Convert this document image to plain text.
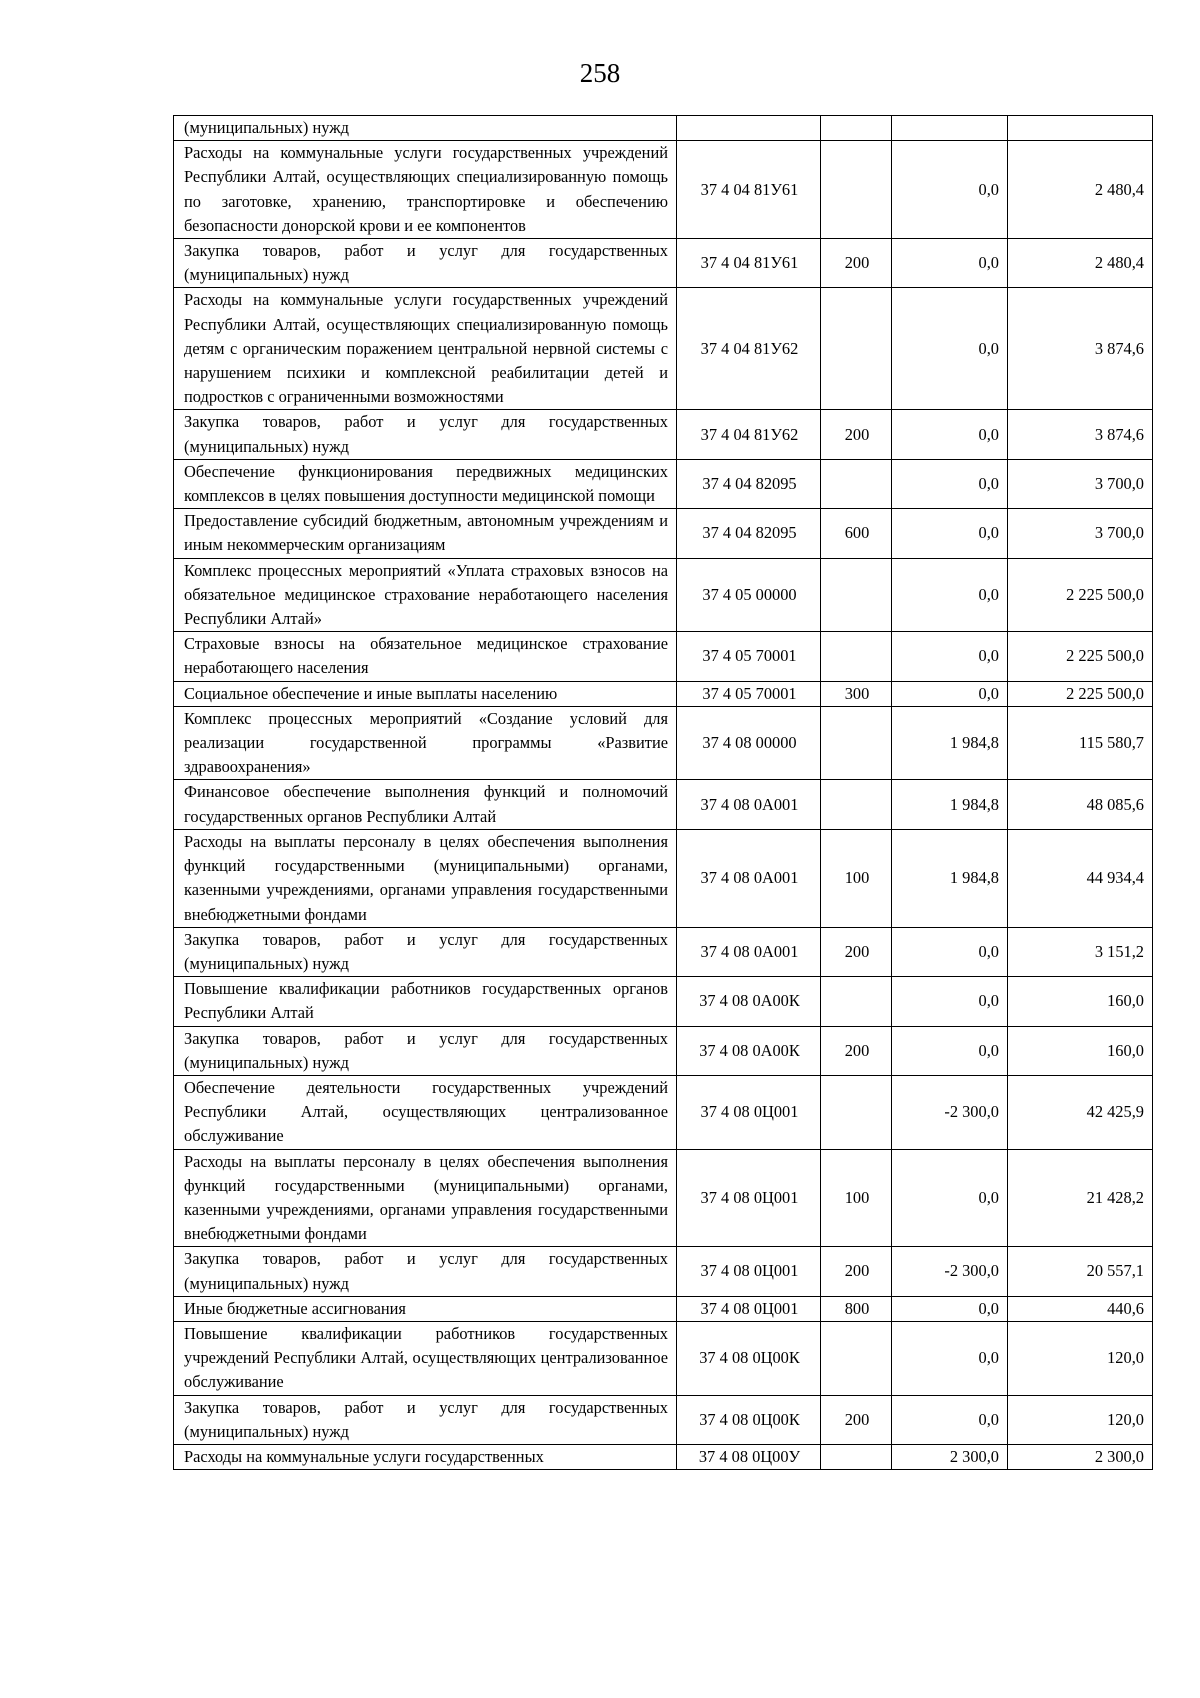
258
(муниципальных) нужд				
Расходы на коммунальные услуги государственных учреждений Республики Алтай, осуществляющих специализированную помощь по заготовке, хранению, транспортировке и обеспечению безопасности донорской крови и ее компонентов	37 4 04 81У61		0,0	2 480,4
Закупка товаров, работ и услуг для государственных (муниципальных) нужд	37 4 04 81У61	200	0,0	2 480,4
Расходы на коммунальные услуги государственных учреждений Республики Алтай, осуществляющих специализированную помощь детям с органическим поражением центральной нервной системы с нарушением психики и комплексной реабилитации детей и подростков с ограниченными возможностями	37 4 04 81У62		0,0	3 874,6
Закупка товаров, работ и услуг для государственных (муниципальных) нужд	37 4 04 81У62	200	0,0	3 874,6
Обеспечение функционирования передвижных медицинских комплексов в целях повышения доступности медицинской помощи	37 4 04 82095		0,0	3 700,0
Предоставление субсидий бюджетным, автономным учреждениям и иным некоммерческим организациям	37 4 04 82095	600	0,0	3 700,0
Комплекс процессных мероприятий «Уплата страховых взносов на обязательное медицинское страхование неработающего населения Республики Алтай»	37 4 05 00000		0,0	2 225 500,0
Страховые взносы на обязательное медицинское страхование неработающего населения	37 4 05 70001		0,0	2 225 500,0
Социальное обеспечение и иные выплаты населению	37 4 05 70001	300	0,0	2 225 500,0
Комплекс процессных мероприятий «Создание условий для реализации государственной программы «Развитие здравоохранения»	37 4 08 00000		1 984,8	115 580,7
Финансовое обеспечение выполнения функций и полномочий государственных органов Республики Алтай	37 4 08 0А001		1 984,8	48 085,6
Расходы на выплаты персоналу в целях обеспечения выполнения функций государственными (муниципальными) органами, казенными учреждениями, органами управления государственными внебюджетными фондами	37 4 08 0А001	100	1 984,8	44 934,4
Закупка товаров, работ и услуг для государственных (муниципальных) нужд	37 4 08 0А001	200	0,0	3 151,2
Повышение квалификации работников государственных органов Республики Алтай	37 4 08 0А00К		0,0	160,0
Закупка товаров, работ и услуг для государственных (муниципальных) нужд	37 4 08 0А00К	200	0,0	160,0
Обеспечение деятельности государственных учреждений Республики Алтай, осуществляющих централизованное обслуживание	37 4 08 0Ц001		-2 300,0	42 425,9
Расходы на выплаты персоналу в целях обеспечения выполнения функций государственными (муниципальными) органами, казенными учреждениями, органами управления государственными внебюджетными фондами	37 4 08 0Ц001	100	0,0	21 428,2
Закупка товаров, работ и услуг для государственных (муниципальных) нужд	37 4 08 0Ц001	200	-2 300,0	20 557,1
Иные бюджетные ассигнования	37 4 08 0Ц001	800	0,0	440,6
Повышение квалификации работников государственных учреждений Республики Алтай, осуществляющих централизованное обслуживание	37 4 08 0Ц00К		0,0	120,0
Закупка товаров, работ и услуг для государственных (муниципальных) нужд	37 4 08 0Ц00К	200	0,0	120,0
Расходы на коммунальные услуги государственных	37 4 08 0Ц00У		2 300,0	2 300,0
